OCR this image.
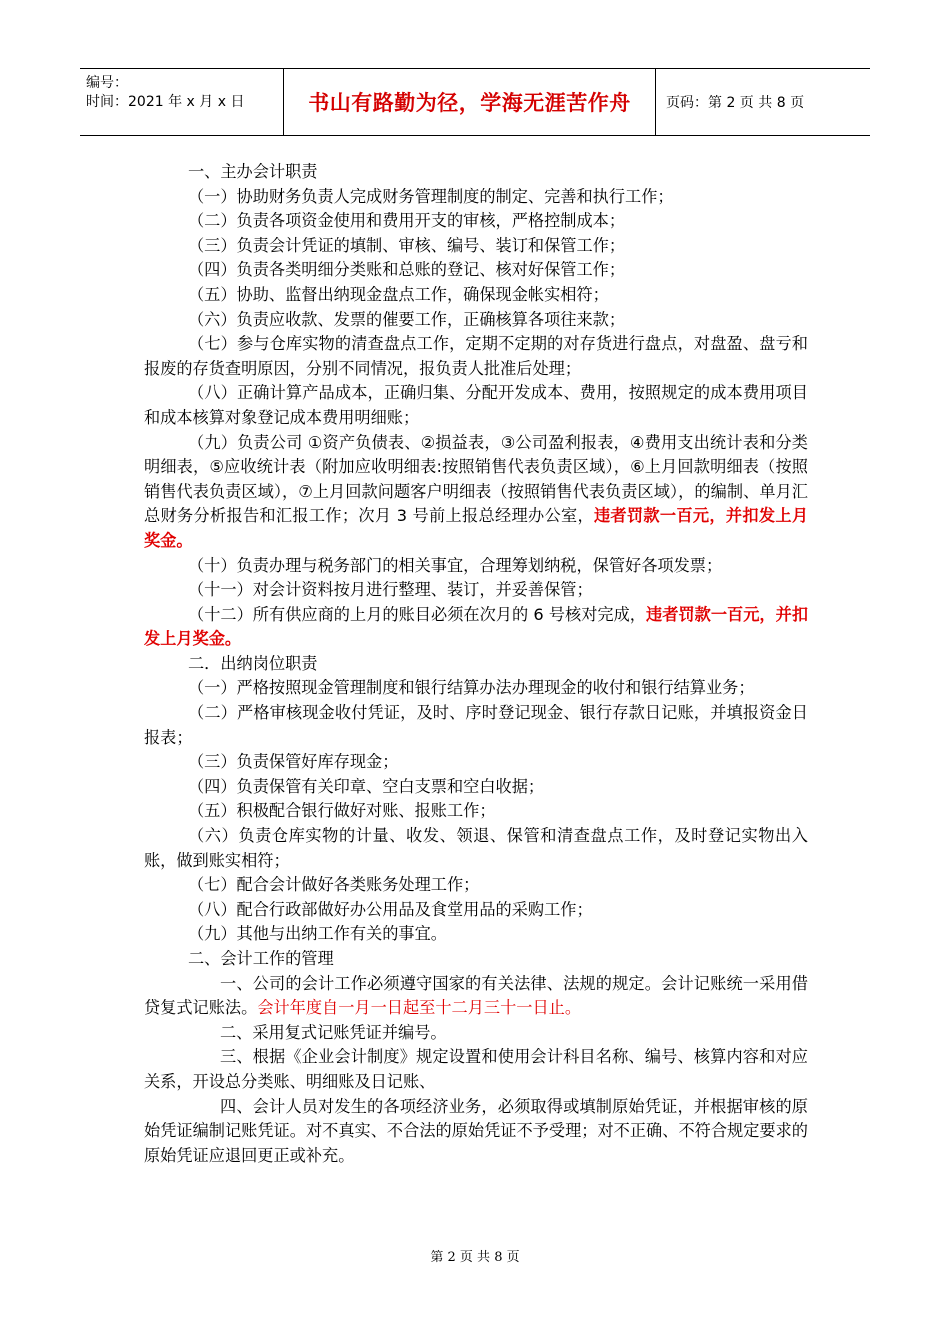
编号：
时间：2021 年 x 月 x 日	书山有路勤为径，学海无涯苦作舟	页码：第 2 页 共 8 页

一、主办会计职责

（一）协助财务负责人完成财务管理制度的制定、完善和执行工作；

（二）负责各项资金使用和费用开支的审核，严格控制成本；

（三）负责会计凭证的填制、审核、编号、装订和保管工作；

（四）负责各类明细分类账和总账的登记、核对好保管工作；

（五）协助、监督出纳现金盘点工作，确保现金帐实相符；

（六）负责应收款、发票的催要工作，正确核算各项往来款；

（七）参与仓库实物的清查盘点工作，定期不定期的对存货进行盘点，对盘盈、盘亏和报废的存货查明原因，分别不同情况，报负责人批准后处理；

（八）正确计算产品成本，正确归集、分配开发成本、费用，按照规定的成本费用项目和成本核算对象登记成本费用明细账；

（九）负责公司 ①资产负债表、②损益表，③公司盈利报表，④费用支出统计表和分类明细表，⑤应收统计表（附加应收明细表:按照销售代表负责区域），⑥上月回款明细表（按照销售代表负责区域），⑦上月回款问题客户明细表（按照销售代表负责区域），的编制、单月汇总财务分析报告和汇报工作；次月 3 号前上报总经理办公室，违者罚款一百元，并扣发上月奖金。

（十）负责办理与税务部门的相关事宜，合理筹划纳税，保管好各项发票；

（十一）对会计资料按月进行整理、装订，并妥善保管；

（十二）所有供应商的上月的账目必须在次月的 6 号核对完成，违者罚款一百元，并扣发上月奖金。

二．出纳岗位职责

（一）严格按照现金管理制度和银行结算办法办理现金的收付和银行结算业务；

（二）严格审核现金收付凭证，及时、序时登记现金、银行存款日记账，并填报资金日报表；

（三）负责保管好库存现金；

（四）负责保管有关印章、空白支票和空白收据；

（五）积极配合银行做好对账、报账工作；

（六）负责仓库实物的计量、收发、领退、保管和清查盘点工作，及时登记实物出入账，做到账实相符；

（七）配合会计做好各类账务处理工作；

（八）配合行政部做好办公用品及食堂用品的采购工作；

（九）其他与出纳工作有关的事宜。

二、会计工作的管理

一、公司的会计工作必须遵守国家的有关法律、法规的规定。会计记账统一采用借贷复式记账法。会计年度自一月一日起至十二月三十一日止。

二、采用复式记账凭证并编号。

三、根据《企业会计制度》规定设置和使用会计科目名称、编号、核算内容和对应关系，开设总分类账、明细账及日记账、

四、会计人员对发生的各项经济业务，必须取得或填制原始凭证，并根据审核的原始凭证编制记账凭证。对不真实、不合法的原始凭证不予受理；对不正确、不符合规定要求的原始凭证应退回更正或补充。

第 2 页 共 8 页
